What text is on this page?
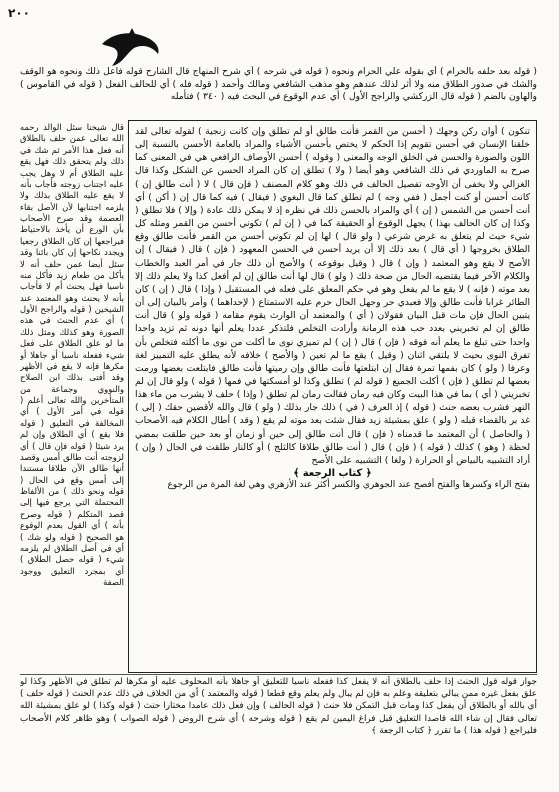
٢٠٠
( قوله بعد حلفه بالحرام ) أي بقوله علي الحرام ونحوه ( قوله في شرحه ) أي شرح المنهاج قال الشارح قوله فاعل ذلك ونحوه هو الوقف والشك في صدور الطلاق منه ولا أثر لذلك عندهم وهو مذهب الشافعي ومالك وأحمد ( قوله فله ) أي للحالف الفعل ( قوله في القاموس ) والهاون بالضم ( قوله قال الزركشي والراجح الأول ) أي عدم الوقوع في البحث فيه ( ٣٤٠ ) فتأمله
تنكون ) أوان ركن وجهك ( أحسن من القمر فأنت طالق أو لم تطلق وإن كانت زنجية ) لقوله تعالى لقد خلقنا الإنسان في أحسن تقويم إذا الحكم لا يختص بأحسن الأشياء والمراد بالعامة الأحسن بالنسبة إلى اللون والصورة والحسن في الخلق الوجه والمعنى ( وقوله ) أحسن الأوصاف الرافعي هي في المعنى كما صرح به الماوردي في ذلك الشافعي وهو أيضا ( ولا ) تطلق إن كان المراد الحسن عن الشكل وكذا قال الغزالي ولا يخفى أن الأوجه تفصيل الحالف في ذلك وهو كلام المصنف ( فإن قال ) لا ( أنت طالق إن ) كانت أحسن أو كنت أجمل ( ففي وجه ) لم تطلق كما قال البغوي ( فيقال ) فيه كما قال إن ( أكن ) أي أنت أحسن من الشمس ( إن ) أي والمراد بالحسن ذلك في نظره إذ لا يمكن ذلك عادة ( وإلا ) فلا تطلق ( وكذا إن كان الحالف بهذا ) يجهل الوقوع أو الحقيقة كما في ( إن لم ) تكوني أحسن من القمر ومثله كل شيء حيث لم يتعلق به غرض شرعي ( ولو قال ) لها إن لم تكوني أحسن من القمر فأنت طالق وقع الطلاق بخروجها ( أي قال ) بعد ذلك إلا أن يريد أحسن في الحسن المعهود ( فإن ) قال ( فيقال ) إن الأصح لا يقع وهو المعتمد ( وإن ) قال ( وقيل بوقوعه ) والأصح أن ذلك جار في أمر العبد والخطاب والكلام الآخر فيما يقتضيه الحال من صحة ذلك ( ولو ) قال لها أنت طالق إن لم أفعل كذا ولا يعلم ذلك إلا بعد موته ( فإنه ) لا يقع ما لم يفعل وهو في حكم المعلق على فعله في المستقبل ( وإذا ) قال ( إن ) كان الطائر غرابا فأنت طالق وإلا فعبدي حر وجهل الحال حرم عليه الاستمتاع ( لإحداهما ) وأمر بالبيان إلى أن يتبين الحال فإن مات قبل البيان فقولان ( أي ) والمعتمد أن الوارث يقوم مقامه ( قوله ولو ) قال أنت طالق إن لم تخبريني بعدد حب هذه الرمانة وأرادت التخلص فلتذكر عددا يعلم أنها دونه ثم تزيد واحدا واحدا حتى تبلغ ما يعلم أنه فوقه ( فإن ) قال ( إن ) لم تميزي نوى ما أكلت من نوى ما أكلته فتخلص بأن تفرق النوى بحيث لا يلتقي اثنان ( وقيل ) يقع ما لم تعين ( والأصح ) خلافه لأنه يطلق عليه التمييز لغة وعرفا ( ولو ) كان بفمها تمرة فقال إن ابتلعتها فأنت طالق وإن رميتها فأنت طالق فابتلعت بعضها ورمت بعضها لم تطلق ( فإن ) أكلت الجميع ( قوله لم ) تطلق وكذا لو أمسكتها في فمها ( قوله ) ولو قال إن لم تخبريني ( أي ) بما في هذا البيت وكان فيه رمان فقالت رمان لم تطلق ( وإذا ) حلف لا يشرب من ماء هذا النهر فشرب بعضه حنث ( قوله ) إذ العرف ( في ) ذلك جار بذلك ( ولو ) قال والله لأقضين حقك ( إلى ) غد بر بالقضاء قبله ( ولو ) علق بمشيئة زيد فقال شئت بعد موته لم يقع ( وقد ) أطال الكلام فيه الأصحاب ( والحاصل ) أن المعتمد ما قدمناه ( فإن ) قال أنت طالق إلى حين أو زمان أو بعد حين طلقت بمضي لحظة ( وهو ) كذلك ( قوله ) ( فإن ) قال ( أنت طالق طلاقا كالثلج ) أو كالنار طلقت في الحال ( وإن ) أراد التشبيه بالبياض أو الحرارة ( ولغا ) التشبيه على الأصح
﴿ كتاب الرجعة ﴾
بفتح الراء وكسرها والفتح أفصح عند الجوهري والكسر أكثر عند الأزهري وهي لغة المرة من الرجوع
قال شيخنا سئل الوالد رحمه الله تعالى عمن حلف بالطلاق أنه فعل هذا الأمر ثم شك في ذلك ولم يتحقق ذلك فهل يقع عليه الطلاق أم لا وهل يجب عليه اجتناب زوجته فأجاب بأنه لا يقع عليه الطلاق بذلك ولا يلزمه اجتنابها لأن الأصل بقاء العصمة وقد صرح الأصحاب بأن الورع أن يأخذ بالاحتياط فيراجعها إن كان الطلاق رجعيا ويجدد نكاحها إن كان بائنا وقد سئل أيضا عمن حلف أنه لا يأكل من طعام زيد فأكل منه ناسيا فهل يحنث أم لا فأجاب بأنه لا يحنث وهو المعتمد عند الشيخين ( قوله والراجح الأول ) أي عدم الحنث في هذه الصورة وهو كذلك ومثل ذلك ما لو علق الطلاق على فعل شيء ففعله ناسيا أو جاهلا أو مكرها فإنه لا يقع في الأظهر وقد أفتى بذلك ابن الصلاح والنووي وجماعة من المتأخرين والله تعالى أعلم ( قوله في أمر الأول ) أي المخالفة في التعليق ( قوله فلا يقع ) أي الطلاق وإن لم يرد شيئا ( قوله فإن قال ) أي لزوجته أنت طالق أمس وقصد أنها طالق الآن طلاقا مستندا إلى أمس وقع في الحال ( قوله ونحو ذلك ) من الألفاظ المحتملة التي يرجع فيها إلى قصد المتكلم ( قوله وصرح بأنه ) أي القول بعدم الوقوع هو الصحيح ( قوله ولو شك ) أي في أصل الطلاق لم يلزمه شيء ( قوله حصل الطلاق ) أي بمجرد التعليق ووجود الصفة
جواز قوله قول الحنث إذا حلف بالطلاق أنه لا يفعل كذا ففعله ناسيا للتعليق أو جاهلا بأنه المحلوف عليه أو مكرها لم تطلق في الأظهر وكذا لو علق بفعل غيره ممن يبالي بتعليقه وعلم به فإن لم يبال ولم يعلم وقع قطعا ( قوله والمعتمد ) أي من الخلاف في ذلك عدم الحنث ( قوله حلف ) أي بالله أو بالطلاق أن يفعل كذا ومات قبل التمكن فلا حنث ( قوله الحالف ) وإن فعل ذلك عامدا مختارا حنث ( قوله وكذا ) لو علق بمشيئة الله تعالى فقال إن شاء الله قاصدا التعليق قبل فراغ اليمين لم يقع ( قوله وشرحه ) أي شرح الروض ( قوله الصواب ) وهو ظاهر كلام الأصحاب فليراجع ( قوله هذا ) ما تقرر ﴿ كتاب الرجعة ﴾
